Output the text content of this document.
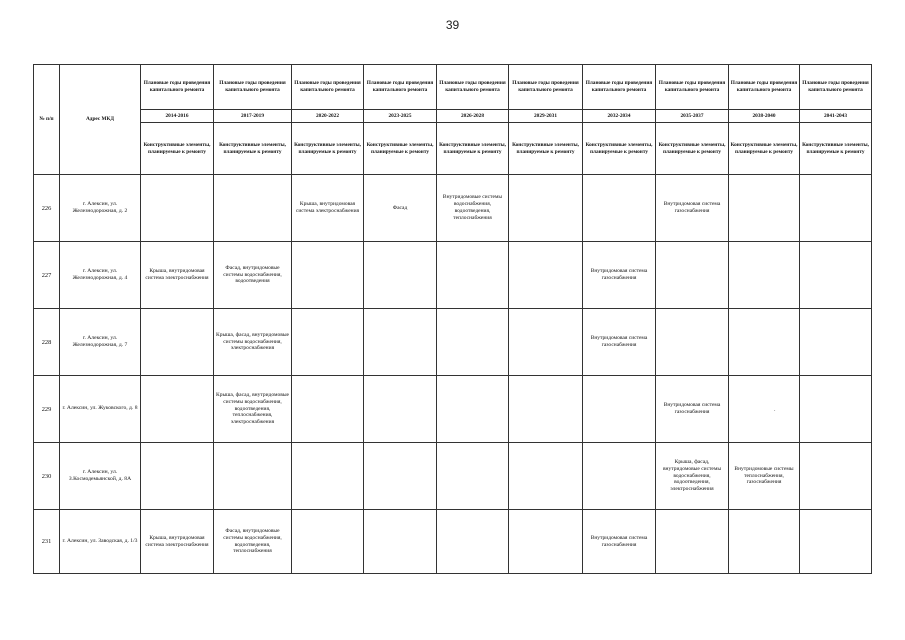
39
.
№ п/п	Адрес МКД	Плановые годы проведения капитального ремонта	Плановые годы проведения капитального ремонта	Плановые годы проведения капитального ремонта	Плановые годы проведения капитального ремонта	Плановые годы проведения капитального ремонта	Плановые годы проведения капитального ремонта	Плановые годы проведения капитального ремонта	Плановые годы проведения капитального ремонта	Плановые годы проведения капитального ремонта	Плановые годы проведения капитального ремонта
		2014-2016	2017-2019	2020-2022	2023-2025	2026-2028	2029-2031	2032-2034	2035-2037	2038-2040	2041-2043
		Конструктивные элементы, планируемые к ремонту	Конструктивные элементы, планируемые к ремонту	Конструктивные элементы, планируемые к ремонту	Конструктивные элементы, планируемые к ремонту	Конструктивные элементы, планируемые к ремонту	Конструктивные элементы, планируемые к ремонту	Конструктивные элементы, планируемые к ремонту	Конструктивные элементы, планируемые к ремонту	Конструктивные элементы, планируемые к ремонту	Конструктивные элементы, планируемые к ремонту
226	г. Алексин, ул. Железнодорожная, д. 2			Крыша, внутридомовая система электроснабжения	Фасад	Внутридомовые системы водоснабжения, водоотведения, теплоснабжения			Внутридомовая система газоснабжения		
227	г. Алексин, ул. Железнодорожная, д. 4	Крыша, внутридомовая система электроснабжения	Фасад, внутридомовые системы водоснабжения, водоотведения					Внутридомовая система газоснабжения			
228	г. Алексин, ул. Железнодорожная, д. 7		Крыша, фасад, внутридомовые системы водоснабжения, электроснабжения					Внутридомовая система газоснабжения			
229	г. Алексин, ул. Жуковского, д. 8		Крыша, фасад, внутридомовые системы водоснабжения, водоотведения, теплоснабжения, электроснабжения						Внутридомовая система газоснабжения		
230	г. Алексин, ул. З.Космодемьянской, д. 8А								Крыша, фасад, внутридомовые системы водоснабжения, водоотведения, электроснабжения	Внутридомовые системы теплоснабжения, газоснабжения	
231	г. Алексин, ул. Заводская, д. 1/3	Крыша, внутридомовая система электроснабжения	Фасад, внутридомовые системы водоснабжения, водоотведения, теплоснабжения					Внутридомовая система газоснабжения			
